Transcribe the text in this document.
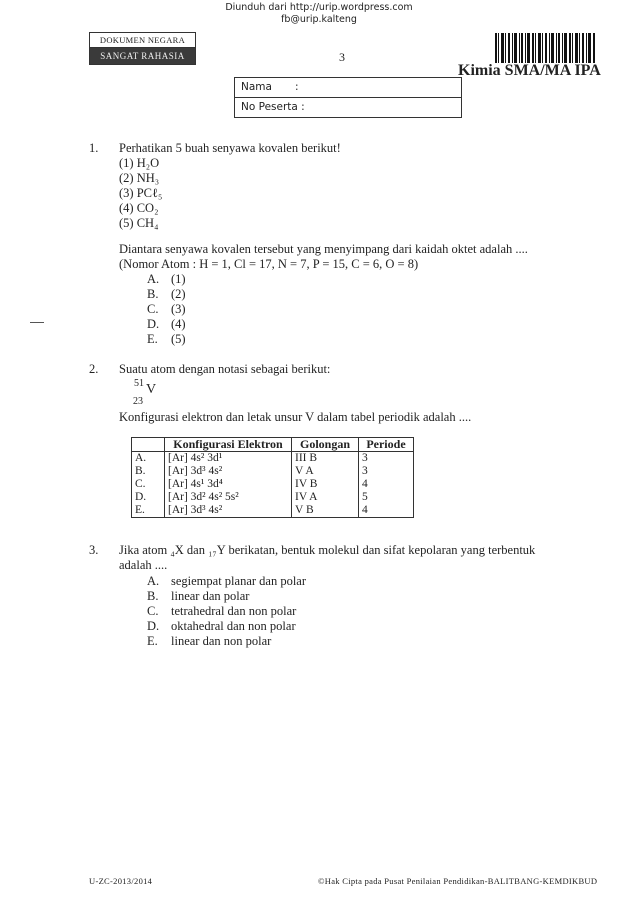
Diunduh dari http://urip.wordpress.com
fb@urip.kalteng
DOKUMEN NEGARA
SANGAT RAHASIA	3
Kimia SMA/MA IPA
Nama :
No Peserta :
1. Perhatikan 5 buah senyawa kovalen berikut!
(1) H₂O
(2) NH₃
(3) PCℓ₅
(4) CO₂
(5) CH₄
Diantara senyawa kovalen tersebut yang menyimpang dari kaidah oktet adalah ....
(Nomor Atom : H = 1, Cl = 17, N = 7, P = 15, C = 6, O = 8)
A. (1)
B. (2)
C. (3)
D. (4)
E. (5)
2. Suatu atom dengan notasi sebagai berikut:
51 V
23
Konfigurasi elektron dan letak unsur V dalam tabel periodik adalah ....
	Konfigurasi Elektron	Golongan	Periode
A.	[Ar] 4s² 3d¹	III B	3
B.	[Ar] 3d³ 4s²	V A	3
C.	[Ar] 4s¹ 3d⁴	IV B	4
D.	[Ar] 3d² 4s² 5s²	IV A	5
E.	[Ar] 3d³ 4s²	V B	4
3. Jika atom ₄X dan ₁₇Y berikatan, bentuk molekul dan sifat kepolaran yang terbentuk
adalah ....
A. segiempat planar dan polar
B. linear dan polar
C. tetrahedral dan non polar
D. oktahedral dan non polar
E. linear dan non polar
U-ZC-2013/2014	©Hak Cipta pada Pusat Penilaian Pendidikan-BALITBANG-KEMDIKBUD
